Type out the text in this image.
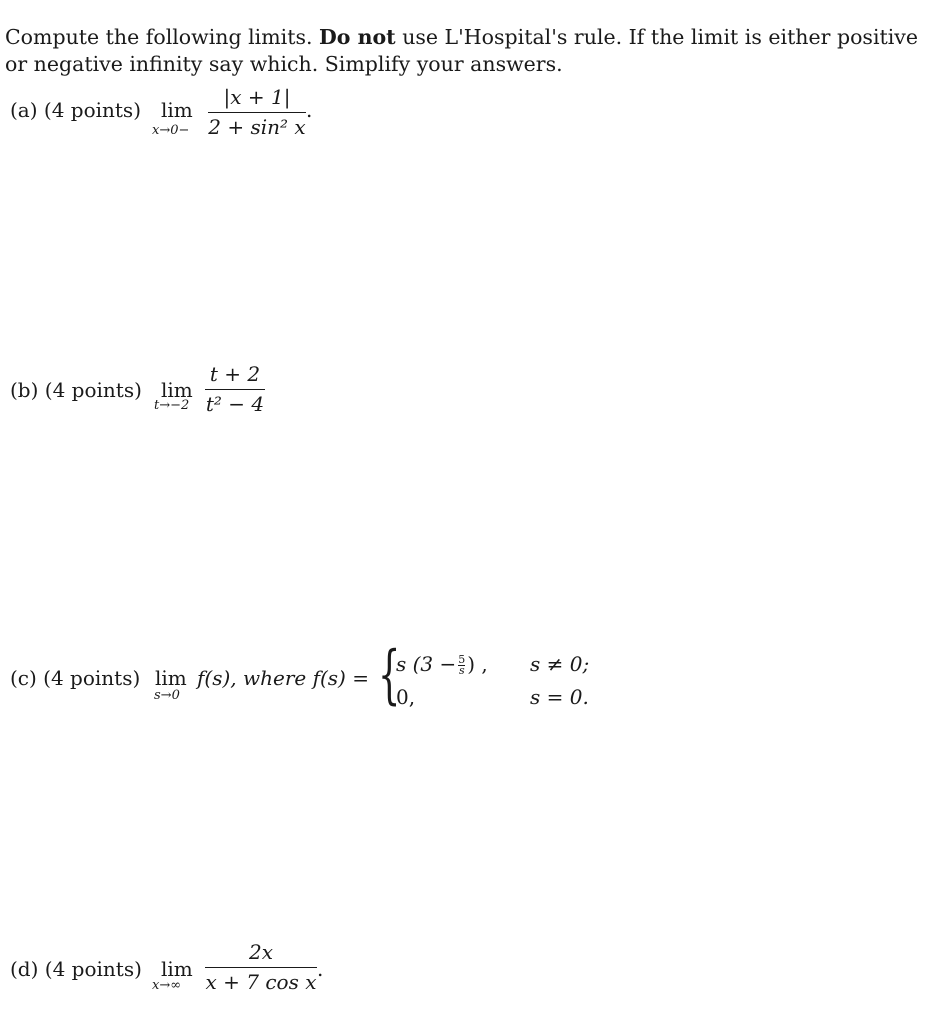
Compute the following limits. Do not use L'Hospital's rule. If the limit is either positive or negative infinity say which. Simplify your answers.
(a) (4 points) lim
x→0−
|x + 1|
2 + sin² x
.
(b) (4 points) lim
t→−2
t + 2
t² − 4
(c) (4 points) lim
s→0
f(s), where f(s) = {
s ($3 - \frac{5}{s}$ ) , s ≠ 0;
0,	s = 0.
(d) (4 points) lim
x→∞
2x
x + 7 cos x
.
